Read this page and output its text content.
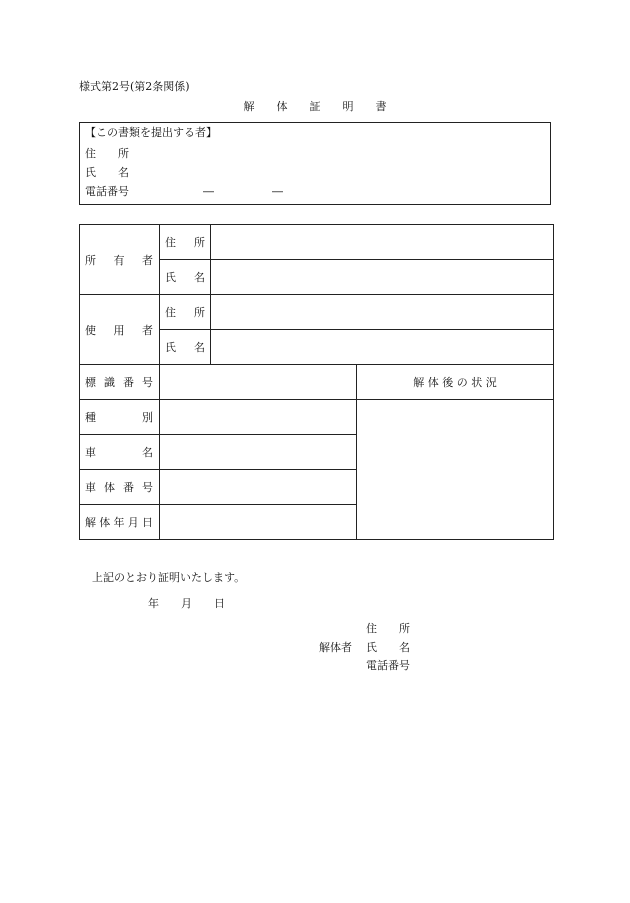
様式第2号(第2条関係)
解　　体　　証　　明　　書
【この書類を提出する者】
住　　所
氏　　名
電話番号	―	―
所　有　者	住　所		
	氏　名		
使　用　者	住　所		
	氏　名		
標識番号			解 体 後 の 状 況
種　別			
車　名			
車体番号			
解体年月日			
上記のとおり証明いたします。
年　　月　　日
住　　所
解体者 氏　　名
電話番号
